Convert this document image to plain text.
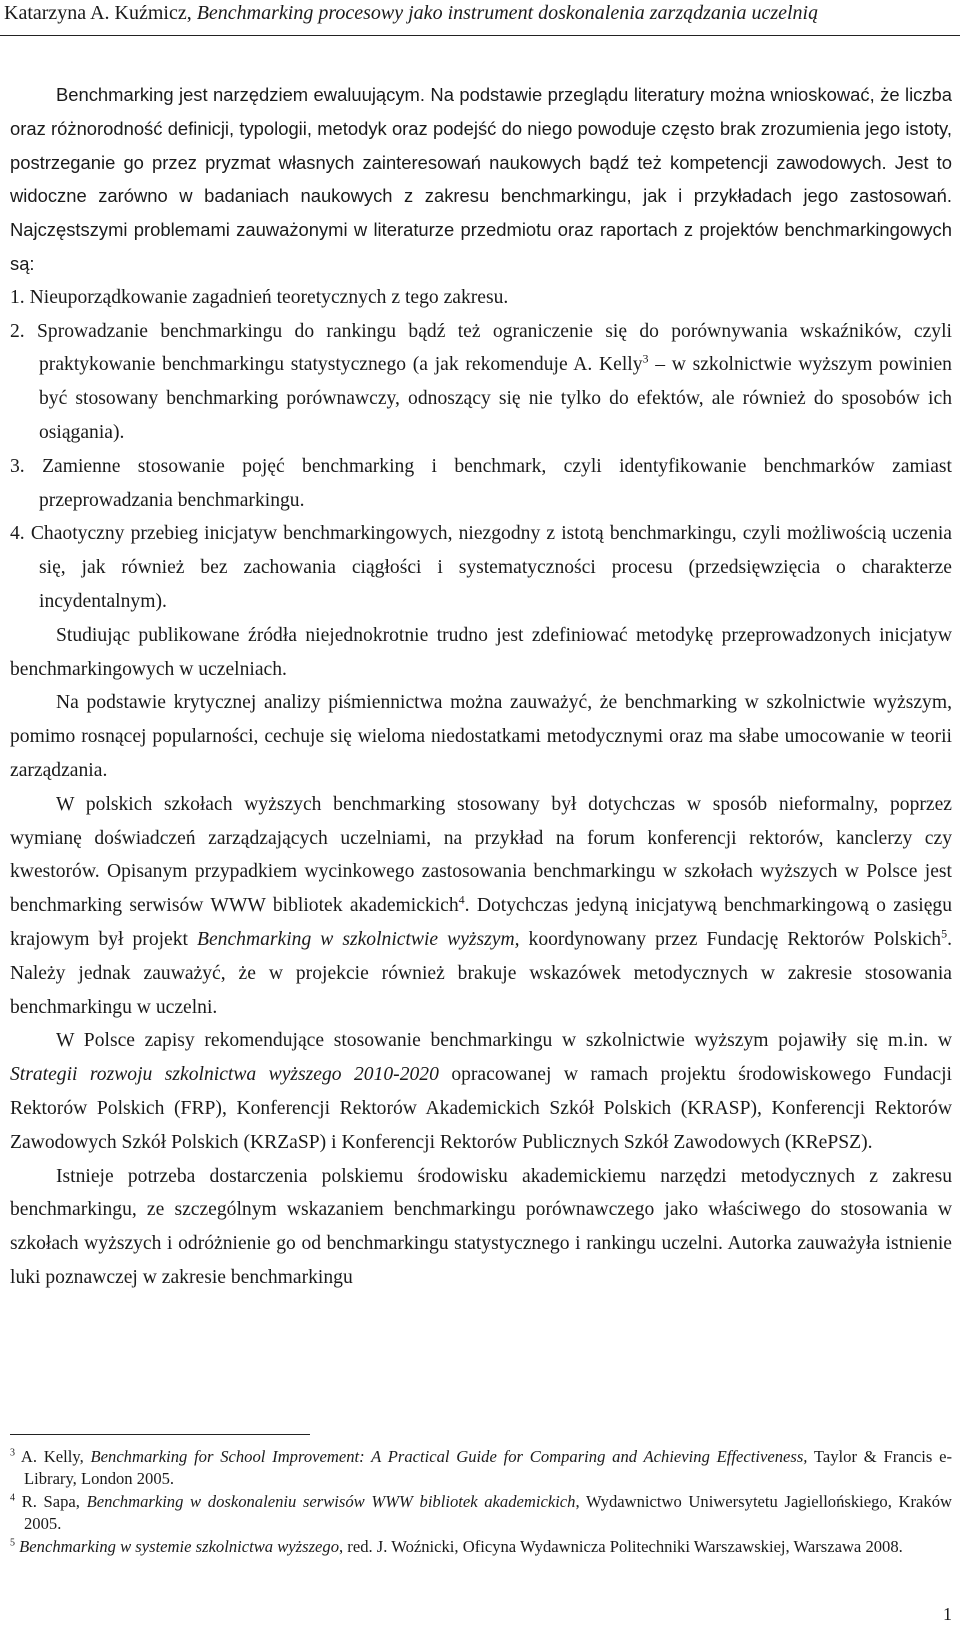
Katarzyna A. Kuźmicz, Benchmarking procesowy jako instrument doskonalenia zarządzania uczelnią

Benchmarking jest narzędziem ewaluującym. Na podstawie przeglądu literatury można wnioskować, że liczba oraz różnorodność definicji, typologii, metodyk oraz podejść do niego powoduje często brak zrozumienia jego istoty, postrzeganie go przez pryzmat własnych zainteresowań naukowych bądź też kompetencji zawodowych. Jest to widoczne zarówno w badaniach naukowych z zakresu benchmarkingu, jak i przykładach jego zastosowań. Najczęstszymi problemami zauważonymi w literaturze przedmiotu oraz raportach z projektów benchmarkingowych są:

1. Nieuporządkowanie zagadnień teoretycznych z tego zakresu.

2. Sprowadzanie benchmarkingu do rankingu bądź też ograniczenie się do porównywania wskaźników, czyli praktykowanie benchmarkingu statystycznego (a jak rekomenduje A. Kelly$^3$ – w szkolnictwie wyższym powinien być stosowany benchmarking porównawczy, odnoszący się nie tylko do efektów, ale również do sposobów ich osiągania).

3. Zamienne stosowanie pojęć benchmarking i benchmark, czyli identyfikowanie benchmarków zamiast przeprowadzania benchmarkingu.

4. Chaotyczny przebieg inicjatyw benchmarkingowych, niezgodny z istotą benchmarkingu, czyli możliwością uczenia się, jak również bez zachowania ciągłości i systematyczności procesu (przedsięwzięcia o charakterze incydentalnym).

Studiując publikowane źródła niejednokrotnie trudno jest zdefiniować metodykę przeprowadzonych inicjatyw benchmarkingowych w uczelniach.

Na podstawie krytycznej analizy piśmiennictwa można zauważyć, że benchmarking w szkolnictwie wyższym, pomimo rosnącej popularności, cechuje się wieloma niedostatkami metodycznymi oraz ma słabe umocowanie w teorii zarządzania.

W polskich szkołach wyższych benchmarking stosowany był dotychczas w sposób nieformalny, poprzez wymianę doświadczeń zarządzających uczelniami, na przykład na forum konferencji rektorów, kanclerzy czy kwestorów. Opisanym przypadkiem wycinkowego zastosowania benchmarkingu w szkołach wyższych w Polsce jest benchmarking serwisów WWW bibliotek akademickich$^4$. Dotychczas jedyną inicjatywą benchmarkingową o zasięgu krajowym był projekt Benchmarking w szkolnictwie wyższym, koordynowany przez Fundację Rektorów Polskich$^5$. Należy jednak zauważyć, że w projekcie również brakuje wskazówek metodycznych w zakresie stosowania benchmarkingu w uczelni.

W Polsce zapisy rekomendujące stosowanie benchmarkingu w szkolnictwie wyższym pojawiły się m.in. w Strategii rozwoju szkolnictwa wyższego 2010-2020 opracowanej w ramach projektu środowiskowego Fundacji Rektorów Polskich (FRP), Konferencji Rektorów Akademickich Szkół Polskich (KRASP), Konferencji Rektorów Zawodowych Szkół Polskich (KRZaSP) i Konferencji Rektorów Publicznych Szkół Zawodowych (KRePSZ).

Istnieje potrzeba dostarczenia polskiemu środowisku akademickiemu narzędzi metodycznych z zakresu benchmarkingu, ze szczególnym wskazaniem benchmarkingu porównawczego jako właściwego do stosowania w szkołach wyższych i odróżnienie go od benchmarkingu statystycznego i rankingu uczelni. Autorka zauważyła istnienie luki poznawczej w zakresie benchmarkingu

$^3$ A. Kelly, Benchmarking for School Improvement: A Practical Guide for Comparing and Achieving Effectiveness, Taylor & Francis e-Library, London 2005.

$^4$ R. Sapa, Benchmarking w doskonaleniu serwisów WWW bibliotek akademickich, Wydawnictwo Uniwersytetu Jagiellońskiego, Kraków 2005.

$^5$ Benchmarking w systemie szkolnictwa wyższego, red. J. Woźnicki, Oficyna Wydawnicza Politechniki Warszawskiej, Warszawa 2008.

1
